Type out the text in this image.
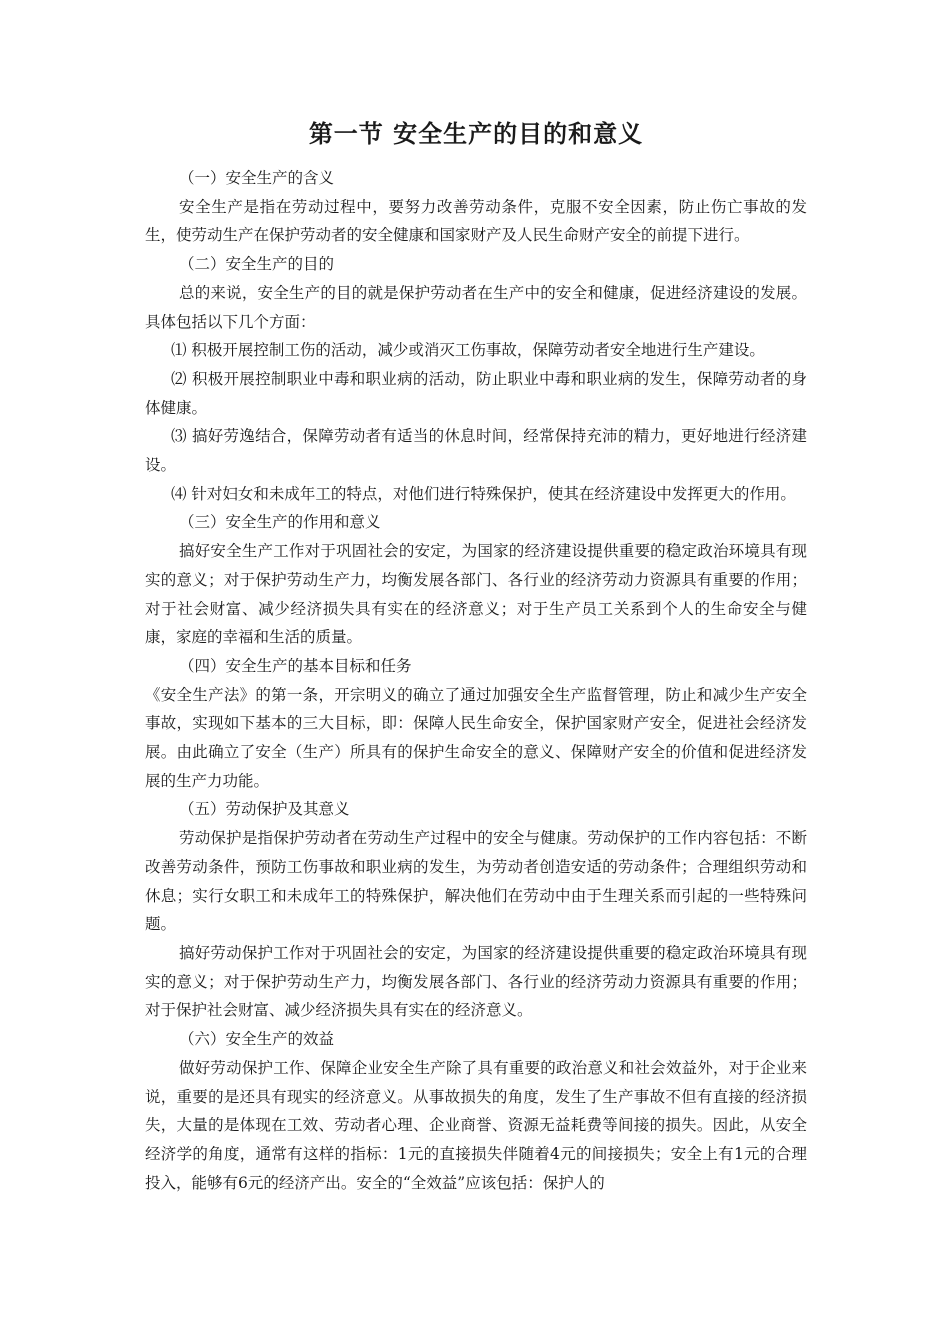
第一节 安全生产的目的和意义

（一）安全生产的含义

安全生产是指在劳动过程中，要努力改善劳动条件，克服不安全因素，防止伤亡事故的发生，使劳动生产在保护劳动者的安全健康和国家财产及人民生命财产安全的前提下进行。

（二）安全生产的目的

总的来说，安全生产的目的就是保护劳动者在生产中的安全和健康，促进经济建设的发展。具体包括以下几个方面：

⑴ 积极开展控制工伤的活动，减少或消灭工伤事故，保障劳动者安全地进行生产建设。

⑵ 积极开展控制职业中毒和职业病的活动，防止职业中毒和职业病的发生，保障劳动者的身体健康。

⑶ 搞好劳逸结合，保障劳动者有适当的休息时间，经常保持充沛的精力，更好地进行经济建设。

⑷ 针对妇女和未成年工的特点，对他们进行特殊保护，使其在经济建设中发挥更大的作用。

（三）安全生产的作用和意义

搞好安全生产工作对于巩固社会的安定，为国家的经济建设提供重要的稳定政治环境具有现实的意义；对于保护劳动生产力，均衡发展各部门、各行业的经济劳动力资源具有重要的作用；对于社会财富、减少经济损失具有实在的经济意义；对于生产员工关系到个人的生命安全与健康，家庭的幸福和生活的质量。

（四）安全生产的基本目标和任务

《安全生产法》的第一条，开宗明义的确立了通过加强安全生产监督管理，防止和减少生产安全事故，实现如下基本的三大目标，即：保障人民生命安全，保护国家财产安全，促进社会经济发展。由此确立了安全（生产）所具有的保护生命安全的意义、保障财产安全的价值和促进经济发展的生产力功能。

（五）劳动保护及其意义

劳动保护是指保护劳动者在劳动生产过程中的安全与健康。劳动保护的工作内容包括：不断改善劳动条件，预防工伤事故和职业病的发生，为劳动者创造安适的劳动条件；合理组织劳动和休息；实行女职工和未成年工的特殊保护，解决他们在劳动中由于生理关系而引起的一些特殊问题。

搞好劳动保护工作对于巩固社会的安定，为国家的经济建设提供重要的稳定政治环境具有现实的意义；对于保护劳动生产力，均衡发展各部门、各行业的经济劳动力资源具有重要的作用；对于保护社会财富、减少经济损失具有实在的经济意义。

（六）安全生产的效益

做好劳动保护工作、保障企业安全生产除了具有重要的政治意义和社会效益外，对于企业来说，重要的是还具有现实的经济意义。从事故损失的角度，发生了生产事故不但有直接的经济损失，大量的是体现在工效、劳动者心理、企业商誉、资源无益耗费等间接的损失。因此，从安全经济学的角度，通常有这样的指标：1元的直接损失伴随着4元的间接损失；安全上有1元的合理投入，能够有6元的经济产出。安全的“全效益”应该包括：保护人的
